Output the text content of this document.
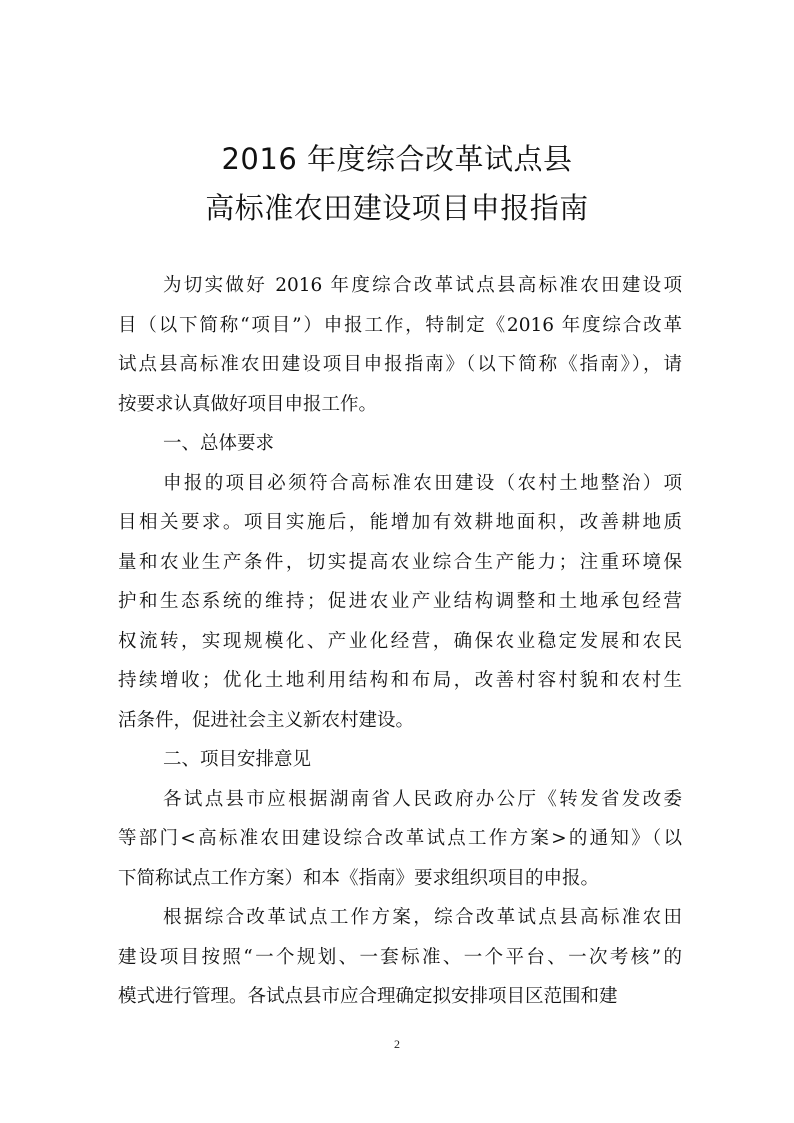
2016 年度综合改革试点县
高标准农田建设项目申报指南
为切实做好 2016 年度综合改革试点县高标准农田建设项
目（以下简称“项目”）申报工作，特制定《2016 年度综合改革
试点县高标准农田建设项目申报指南》（以下简称《指南》），请
按要求认真做好项目申报工作。
一、总体要求
申报的项目必须符合高标准农田建设（农村土地整治）项
目相关要求。项目实施后，能增加有效耕地面积，改善耕地质
量和农业生产条件，切实提高农业综合生产能力；注重环境保
护和生态系统的维持；促进农业产业结构调整和土地承包经营
权流转，实现规模化、产业化经营，确保农业稳定发展和农民
持续增收；优化土地利用结构和布局，改善村容村貌和农村生
活条件，促进社会主义新农村建设。
二、项目安排意见
各试点县市应根据湖南省人民政府办公厅《转发省发改委
等部门<高标准农田建设综合改革试点工作方案>的通知》（以
下简称试点工作方案）和本《指南》要求组织项目的申报。
根据综合改革试点工作方案，综合改革试点县高标准农田
建设项目按照“一个规划、一套标准、一个平台、一次考核”的
模式进行管理。各试点县市应合理确定拟安排项目区范围和建
2
